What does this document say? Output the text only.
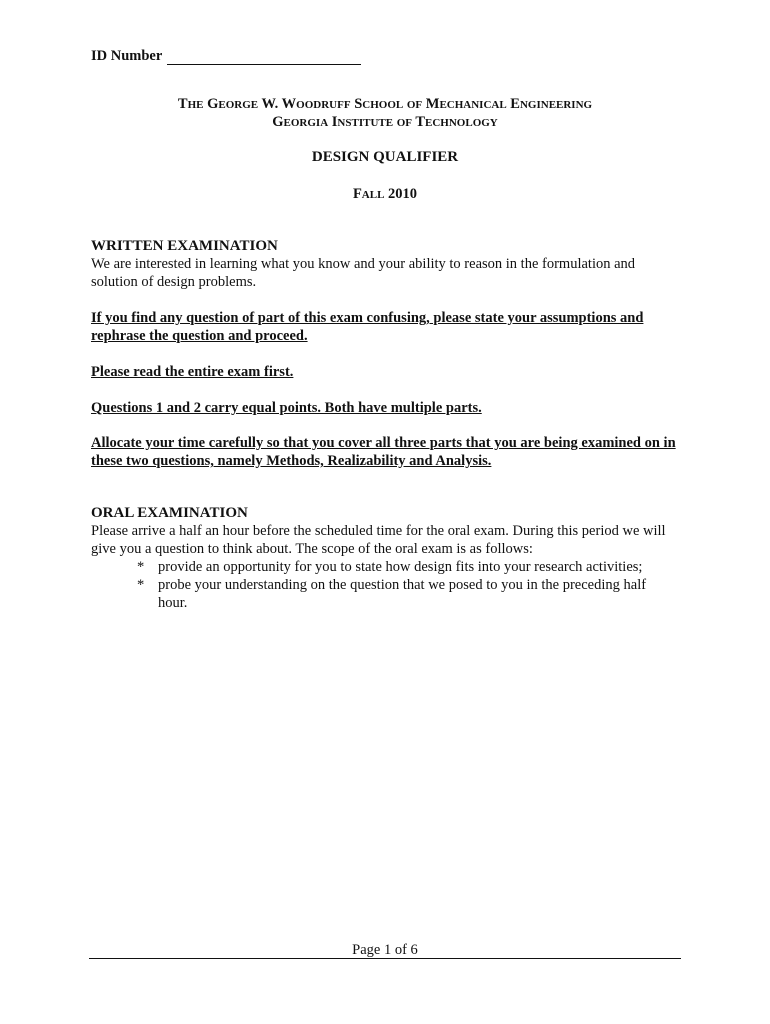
ID Number
THE GEORGE W. WOODRUFF SCHOOL OF MECHANICAL ENGINEERING
GEORGIA INSTITUTE OF TECHNOLOGY
DESIGN QUALIFIER
FALL 2010
WRITTEN EXAMINATION
We are interested in learning what you know and your ability to reason in the formulation and solution of design problems.
If you find any question of part of this exam confusing, please state your assumptions and rephrase the question and proceed.
Please read the entire exam first.
Questions 1 and 2 carry equal points. Both have multiple parts.
Allocate your time carefully so that you cover all three parts that you are being examined on in these two questions, namely Methods, Realizability and Analysis.
ORAL EXAMINATION
Please arrive a half an hour before the scheduled time for the oral exam. During this period we will give you a question to think about. The scope of the oral exam is as follows:
* provide an opportunity for you to state how design fits into your research activities;
* probe your understanding on the question that we posed to you in the preceding half hour.
Page 1 of 6
